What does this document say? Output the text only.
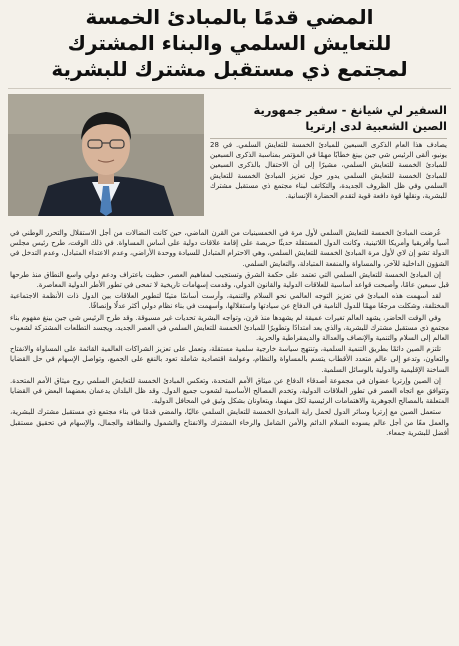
المضي قدمًا بالمبادئ الخمسة
للتعايش السلمي والبناء المشترك
لمجتمع ذي مستقبل مشترك للبشرية
السفير لي شيانغ - سفير جمهورية
الصين الشعبية لدى إرتريا
يصادف هذا العام الذكرى السبعين للمبادئ الخمسة للتعايش السلمي. في 28 يونيو، ألقى الرئيس شي جين بينغ خطابًا مهمًا في المؤتمر بمناسبة الذكرى السبعين للمبادئ الخمسة للتعايش السلمي، مشيرًا إلى أن الاحتفال بالذكرى السبعين للمبادئ الخمسة للتعايش السلمي يدور حول تعزيز المبادئ الخمسة للتعايش السلمي وفي ظل الظروف الجديدة، والتكاتف لبناء مجتمع ذي مستقبل مشترك للبشرية، ونقلها قوة دافعة قوية لتقدم الحضارة الإنسانية.

عُرضت المبادئ الخمسة للتعايش السلمي لأول مرة في الخمسينيات من القرن الماضي، حين كانت النضالات من أجل الاستقلال والتحرر الوطني في آسيا وأفريقيا وأمريكا اللاتينية، وكانت الدول المستقلة حديثًا حريصة على إقامة علاقات دولية على أساس المساواة. في ذلك الوقت، طرح رئيس مجلس الدولة تشو إن لاي لأول مرة المبادئ الخمسة للتعايش السلمي، وهي الاحترام المتبادل للسيادة ووحدة الأراضي، وعدم الاعتداء المتبادل، وعدم التدخل في الشؤون الداخلية للآخر، والمساواة والمنفعة المتبادلة، والتعايش السلمي.

إن المبادئ الخمسة للتعايش السلمي التي تعتمد على حكمة الشرق وتستجيب لمفاهيم العصر، حظيت باعتراف ودعم دولي واسع النطاق منذ طرحها قبل سبعين عامًا، وأصبحت قواعد أساسية للعلاقات الدولية والقانون الدولي، وقدمت إسهامات تاريخية لا تمحى في تطور الأطر الدولية المعاصرة.

لقد أسهمت هذه المبادئ في تعزيز التوجه العالمي نحو السلام والتنمية، وأرست أساسًا متينًا لتطوير العلاقات بين الدول ذات الأنظمة الاجتماعية المختلفة، وشكلت مرجعًا مهمًا للدول النامية في الدفاع عن سيادتها واستقلالها، وأسهمت في بناء نظام دولي أكثر عدلًا وإنصافًا.

وفي الوقت الحاضر، يشهد العالم تغيرات عميقة لم يشهدها منذ قرن، وتواجه البشرية تحديات غير مسبوقة. وقد طرح الرئيس شي جين بينغ مفهوم بناء مجتمع ذي مستقبل مشترك للبشرية، والذي يعد امتدادًا وتطويرًا للمبادئ الخمسة للتعايش السلمي في العصر الجديد، ويجسد التطلعات المشتركة لشعوب العالم إلى السلام والتنمية والإنصاف والعدالة والديمقراطية والحرية.

تلتزم الصين دائمًا بطريق التنمية السلمية، وتنتهج سياسة خارجية سلمية مستقلة، وتعمل على تعزيز الشراكات العالمية القائمة على المساواة والانفتاح والتعاون، وتدعو إلى عالم متعدد الأقطاب يتسم بالمساواة والنظام، وعولمة اقتصادية شاملة تعود بالنفع على الجميع، وتواصل الإسهام في حل القضايا الساخنة الإقليمية والدولية بالوسائل السلمية.

إن الصين وإرتريا عضوان في مجموعة أصدقاء الدفاع عن ميثاق الأمم المتحدة، وتعكس المبادئ الخمسة للتعايش السلمي روح ميثاق الأمم المتحدة. وتتوافق مع اتجاه العصر في تطور العلاقات الدولية، وتخدم المصالح الأساسية لشعوب جميع الدول. وقد ظل البلدان يدعمان بعضهما البعض في القضايا المتعلقة بالمصالح الجوهرية والاهتمامات الرئيسية لكل منهما، ويتعاونان بشكل وثيق في المحافل الدولية.

ستعمل الصين مع إرتريا وسائر الدول لحمل راية المبادئ الخمسة للتعايش السلمي عاليًا، والمضي قدمًا في بناء مجتمع ذي مستقبل مشترك للبشرية، والعمل معًا من أجل عالم يسوده السلام الدائم والأمن الشامل والرخاء المشترك والانفتاح والشمول والنظافة والجمال، والإسهام في تحقيق مستقبل أفضل للبشرية جمعاء.
